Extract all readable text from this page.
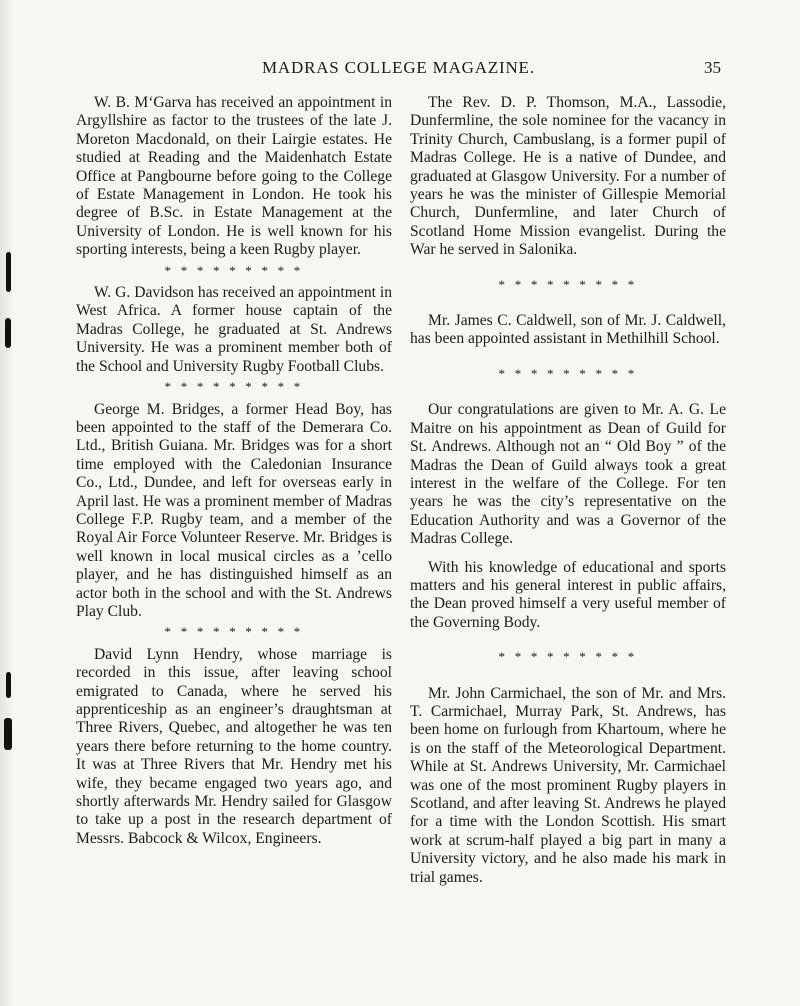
MADRAS COLLEGE MAGAZINE.	35

W. B. M‘Garva has received an appointment in Argyllshire as factor to the trustees of the late J. Moreton Macdonald, on their Lairgie estates. He studied at Reading and the Maidenhatch Estate Office at Pangbourne before going to the College of Estate Management in London. He took his degree of B.Sc. in Estate Management at the University of London. He is well known for his sporting interests, being a keen Rugby player.

* * * * * * * * *

W. G. Davidson has received an appointment in West Africa. A former house captain of the Madras College, he graduated at St. Andrews University. He was a prominent member both of the School and University Rugby Football Clubs.

* * * * * * * * *

George M. Bridges, a former Head Boy, has been appointed to the staff of the Demerara Co. Ltd., British Guiana. Mr. Bridges was for a short time employed with the Caledonian Insurance Co., Ltd., Dundee, and left for overseas early in April last. He was a prominent member of Madras College F.P. Rugby team, and a member of the Royal Air Force Volunteer Reserve. Mr. Bridges is well known in local musical circles as a ’cello player, and he has distinguished himself as an actor both in the school and with the St. Andrews Play Club.

* * * * * * * * *

David Lynn Hendry, whose marriage is recorded in this issue, after leaving school emigrated to Canada, where he served his apprenticeship as an engineer’s draughtsman at Three Rivers, Quebec, and altogether he was ten years there before returning to the home country. It was at Three Rivers that Mr. Hendry met his wife, they became engaged two years ago, and shortly afterwards Mr. Hendry sailed for Glasgow to take up a post in the research department of Messrs. Babcock & Wilcox, Engineers.

The Rev. D. P. Thomson, M.A., Lassodie, Dunfermline, the sole nominee for the vacancy in Trinity Church, Cambuslang, is a former pupil of Madras College. He is a native of Dundee, and graduated at Glasgow University. For a number of years he was the minister of Gillespie Memorial Church, Dunfermline, and later Church of Scotland Home Mission evangelist. During the War he served in Salonika.

* * * * * * * * *

Mr. James C. Caldwell, son of Mr. J. Caldwell, has been appointed assistant in Methilhill School.

* * * * * * * * *

Our congratulations are given to Mr. A. G. Le Maitre on his appointment as Dean of Guild for St. Andrews. Although not an “ Old Boy ” of the Madras the Dean of Guild always took a great interest in the welfare of the College. For ten years he was the city’s representative on the Education Authority and was a Governor of the Madras College.

With his knowledge of educational and sports matters and his general interest in public affairs, the Dean proved himself a very useful member of the Governing Body.

* * * * * * * * *

Mr. John Carmichael, the son of Mr. and Mrs. T. Carmichael, Murray Park, St. Andrews, has been home on furlough from Khartoum, where he is on the staff of the Meteorological Department. While at St. Andrews University, Mr. Carmichael was one of the most prominent Rugby players in Scotland, and after leaving St. Andrews he played for a time with the London Scottish. His smart work at scrum-half played a big part in many a University victory, and he also made his mark in trial games.
